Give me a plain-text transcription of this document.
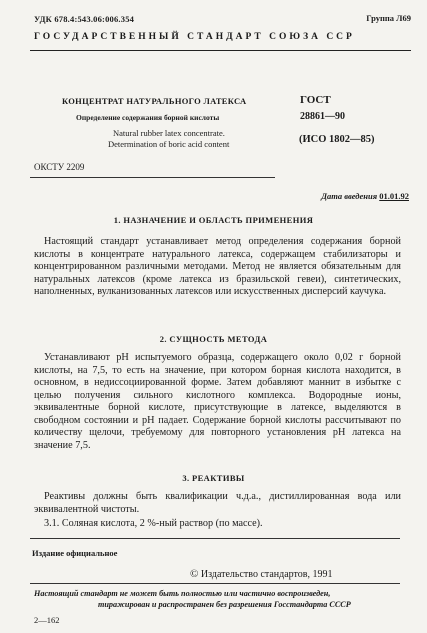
УДК 678.4:543.06:006.354	Группа Л69
ГОСУДАРСТВЕННЫЙ СТАНДАРТ СОЮЗА ССР
КОНЦЕНТРАТ НАТУРАЛЬНОГО ЛАТЕКСА
Определение содержания борной кислоты
Natural rubber latex concentrate.
Determination of boric acid content
ГОСТ
28861—90
(ИСО 1802—85)
ОКСТУ 2209
Дата введения 01.01.92
1. НАЗНАЧЕНИЕ И ОБЛАСТЬ ПРИМЕНЕНИЯ

Настоящий стандарт устанавливает метод определения содержания борной кислоты в концентрате натурального латекса, содержащем стабилизаторы и концентрированном различными методами. Метод не является обязательным для натуральных латексов (кроме латекса из бразильской гевеи), синтетических, наполненных, вулканизованных латексов или искусственных дисперсий каучука.

2. СУЩНОСТЬ МЕТОДА

Устанавливают pH испытуемого образца, содержащего около 0,02 г борной кислоты, на 7,5, то есть на значение, при котором борная кислота находится, в основном, в недиссоциированной форме. Затем добавляют маннит в избытке с целью получения сильного кислотного комплекса. Водородные ионы, эквивалентные борной кислоте, присутствующие в латексе, выделяются в свободном состоянии и pH падает. Содержание борной кислоты рассчитывают по количеству щелочи, требуемому для повторного установления pH латекса на значение 7,5.

3. РЕАКТИВЫ

Реактивы должны быть квалификации ч.д.а., дистиллированная вода или эквивалентной чистоты.

3.1. Соляная кислота, 2 %-ный раствор (по массе).

Издание официальное
© Издательство стандартов, 1991
Настоящий стандарт не может быть полностью или частично воспроизведен,
тиражирован и распространен без разрешения Госстандарта СССР
2—162
